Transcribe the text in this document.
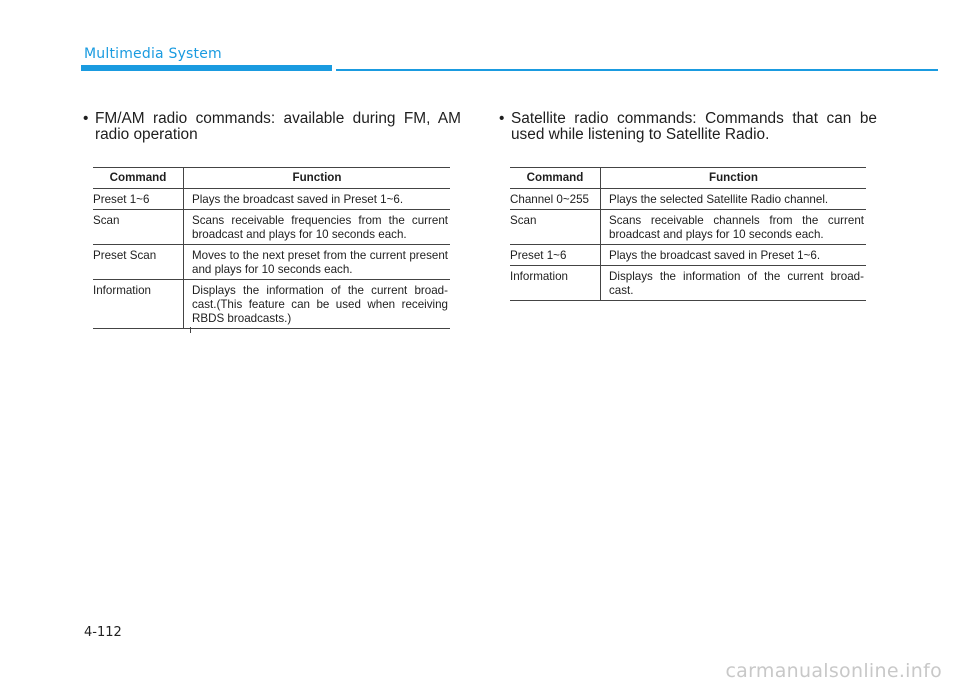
Multimedia System

• FM/AM radio commands: available during FM, AM radio operation

Command	Function
Preset 1~6	Plays the broadcast saved in Preset 1~6.
Scan	Scans receivable frequencies from the current broadcast and plays for 10 seconds each.
Preset Scan	Moves to the next preset from the current present and plays for 10 seconds each.
Information	Displays the information of the current broad-cast.(This feature can be used when receiving RBDS broadcasts.)

• Satellite radio commands: Commands that can be used while listening to Satellite Radio.

Command	Function
Channel 0~255	Plays the selected Satellite Radio channel.
Scan	Scans receivable channels from the current broadcast and plays for 10 seconds each.
Preset 1~6	Plays the broadcast saved in Preset 1~6.
Information	Displays the information of the current broad-cast.
4-112
carmanualsonline.info
